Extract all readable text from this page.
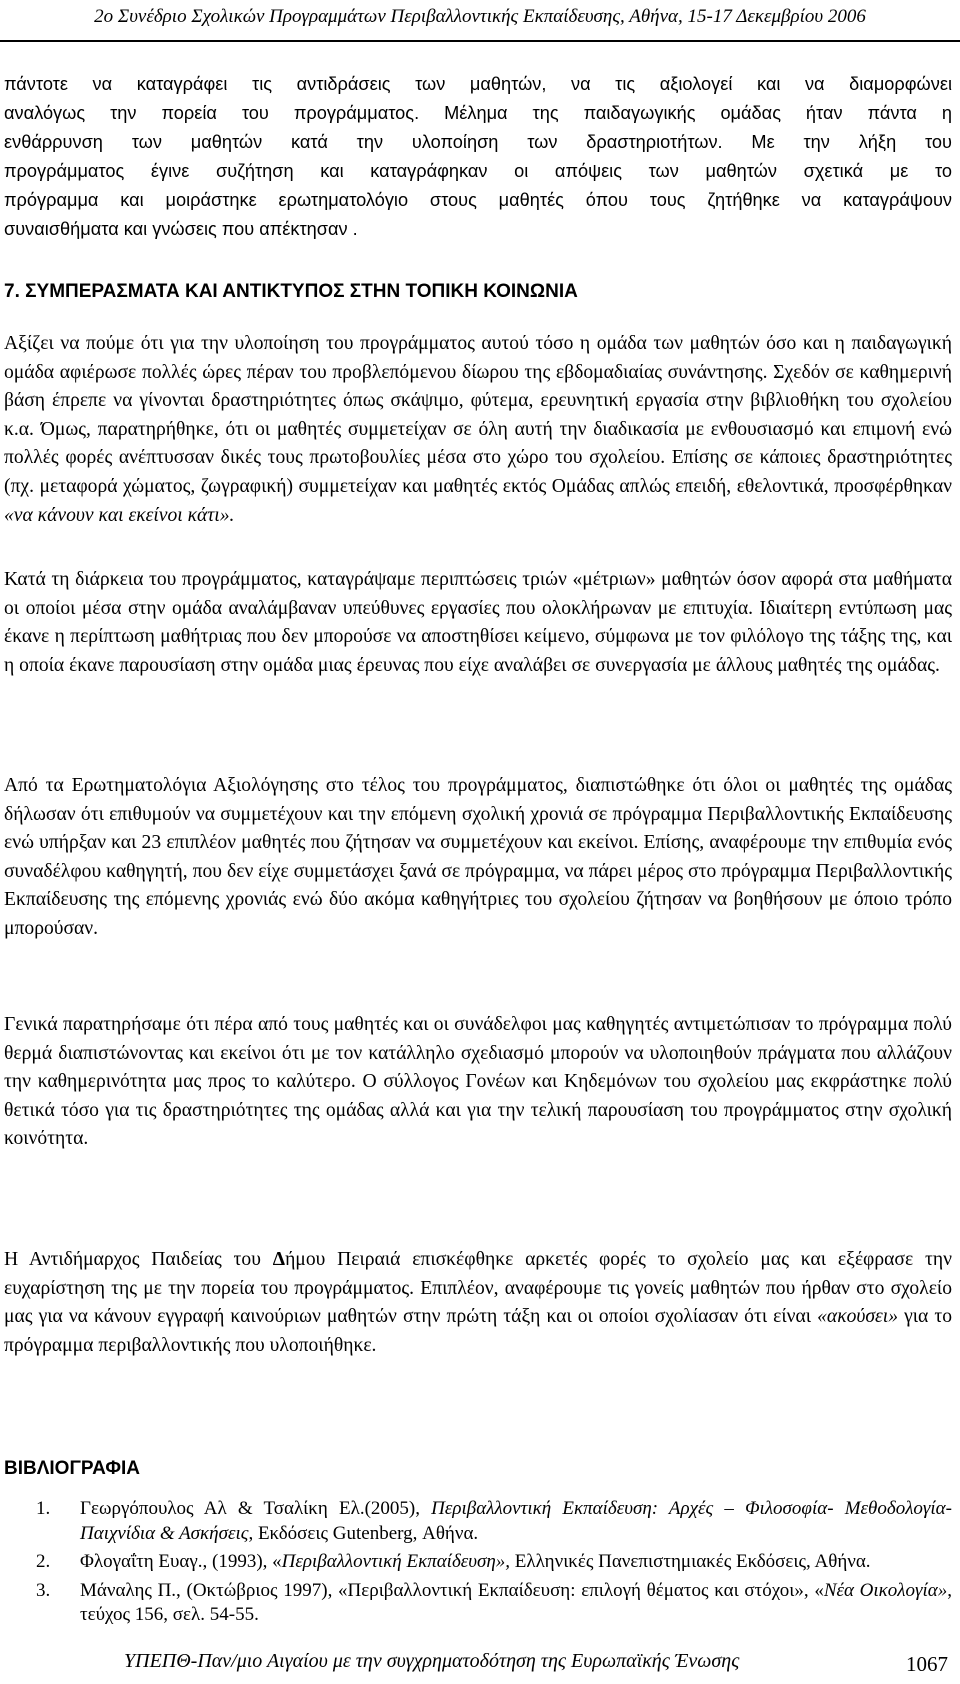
2ο Συνέδριο Σχολικών Προγραμμάτων Περιβαλλοντικής Εκπαίδευσης, Αθήνα, 15-17 Δεκεμβρίου 2006
πάντοτε να καταγράφει τις αντιδράσεις των μαθητών, να τις αξιολογεί και να διαμορφώνει
αναλόγως την πορεία του προγράμματος. Μέλημα της παιδαγωγικής ομάδας ήταν πάντα η
ενθάρρυνση των μαθητών κατά την υλοποίηση των δραστηριοτήτων. Με την λήξη του
προγράμματος έγινε συζήτηση και καταγράφηκαν οι απόψεις των μαθητών σχετικά με το
πρόγραμμα και μοιράστηκε ερωτηματολόγιο στους μαθητές όπου τους ζητήθηκε να καταγράψουν
συναισθήματα και γνώσεις που απέκτησαν .
7. ΣΥΜΠΕΡΑΣΜΑΤΑ ΚΑΙ ΑΝΤΙΚΤΥΠΟΣ ΣΤΗΝ ΤΟΠΙΚΗ ΚΟΙΝΩΝΙΑ
Αξίζει να πούμε ότι για την υλοποίηση του προγράμματος αυτού τόσο η ομάδα των μαθητών όσο και η παιδαγωγική ομάδα αφιέρωσε πολλές ώρες πέραν του προβλεπόμενου δίωρου της εβδομαδιαίας συνάντησης. Σχεδόν σε καθημερινή βάση έπρεπε να γίνονται δραστηριότητες όπως σκάψιμο, φύτεμα, ερευνητική εργασία στην βιβλιοθήκη του σχολείου κ.α. Όμως, παρατηρήθηκε, ότι οι μαθητές συμμετείχαν σε όλη αυτή την διαδικασία με ενθουσιασμό και επιμονή ενώ πολλές φορές ανέπτυσσαν δικές τους πρωτοβουλίες μέσα στο χώρο του σχολείου. Επίσης σε κάποιες δραστηριότητες (πχ. μεταφορά χώματος, ζωγραφική) συμμετείχαν και μαθητές εκτός Ομάδας απλώς επειδή, εθελοντικά, προσφέρθηκαν «να κάνουν και εκείνοι κάτι».
Κατά τη διάρκεια του προγράμματος, καταγράψαμε περιπτώσεις τριών «μέτριων» μαθητών όσον αφορά στα μαθήματα οι οποίοι μέσα στην ομάδα αναλάμβαναν υπεύθυνες εργασίες που ολοκλήρωναν με επιτυχία. Ιδιαίτερη εντύπωση μας έκανε η περίπτωση μαθήτριας που δεν μπορούσε να αποστηθίσει κείμενο, σύμφωνα με τον φιλόλογο της τάξης της, και η οποία έκανε παρουσίαση στην ομάδα μιας έρευνας που είχε αναλάβει σε συνεργασία με άλλους μαθητές της ομάδας.
Από τα Ερωτηματολόγια Αξιολόγησης στο τέλος του προγράμματος, διαπιστώθηκε ότι όλοι οι μαθητές της ομάδας δήλωσαν ότι επιθυμούν να συμμετέχουν και την επόμενη σχολική χρονιά σε πρόγραμμα Περιβαλλοντικής Εκπαίδευσης ενώ υπήρξαν και 23 επιπλέον μαθητές που ζήτησαν να συμμετέχουν και εκείνοι. Επίσης, αναφέρουμε την επιθυμία ενός συναδέλφου καθηγητή, που δεν είχε συμμετάσχει ξανά σε πρόγραμμα, να πάρει μέρος στο πρόγραμμα Περιβαλλοντικής Εκπαίδευσης της επόμενης χρονιάς ενώ δύο ακόμα καθηγήτριες του σχολείου ζήτησαν να βοηθήσουν με όποιο τρόπο μπορούσαν.
Γενικά παρατηρήσαμε ότι πέρα από τους μαθητές και οι συνάδελφοι μας καθηγητές αντιμετώπισαν το πρόγραμμα πολύ θερμά διαπιστώνοντας και εκείνοι ότι με τον κατάλληλο σχεδιασμό μπορούν να υλοποιηθούν πράγματα που αλλάζουν την καθημερινότητα μας προς το καλύτερο. Ο σύλλογος Γονέων και Κηδεμόνων του σχολείου μας εκφράστηκε πολύ θετικά τόσο για τις δραστηριότητες της ομάδας αλλά και για την τελική παρουσίαση του προγράμματος στην σχολική κοινότητα.
Η Αντιδήμαρχος Παιδείας του Δήμου Πειραιά επισκέφθηκε αρκετές φορές το σχολείο μας και εξέφρασε την ευχαρίστηση της με την πορεία του προγράμματος. Επιπλέον, αναφέρουμε τις γονείς μαθητών που ήρθαν στο σχολείο μας για να κάνουν εγγραφή καινούριων μαθητών στην πρώτη τάξη και οι οποίοι σχολίασαν ότι είναι «ακούσει» για το πρόγραμμα περιβαλλοντικής που υλοποιήθηκε.
ΒΙΒΛΙΟΓΡΑΦΙΑ
1. Γεωργόπουλος Αλ & Τσαλίκη Ελ.(2005), Περιβαλλοντική Εκπαίδευση: Αρχές – Φιλοσοφία- Μεθοδολογία- Παιχνίδια & Ασκήσεις, Εκδόσεις Gutenberg, Αθήνα.
2. Φλογαΐτη Ευαγ., (1993), «Περιβαλλοντική Εκπαίδευση», Ελληνικές Πανεπιστημιακές Εκδόσεις, Αθήνα.
3. Μάναλης Π., (Οκτώβριος 1997), «Περιβαλλοντική Εκπαίδευση: επιλογή θέματος και στόχοι», «Νέα Οικολογία», τεύχος 156, σελ. 54-55.
ΥΠΕΠΘ-Παν/μιο Αιγαίου με την συγχρηματοδότηση της Ευρωπαϊκής Ένωσης	1067
